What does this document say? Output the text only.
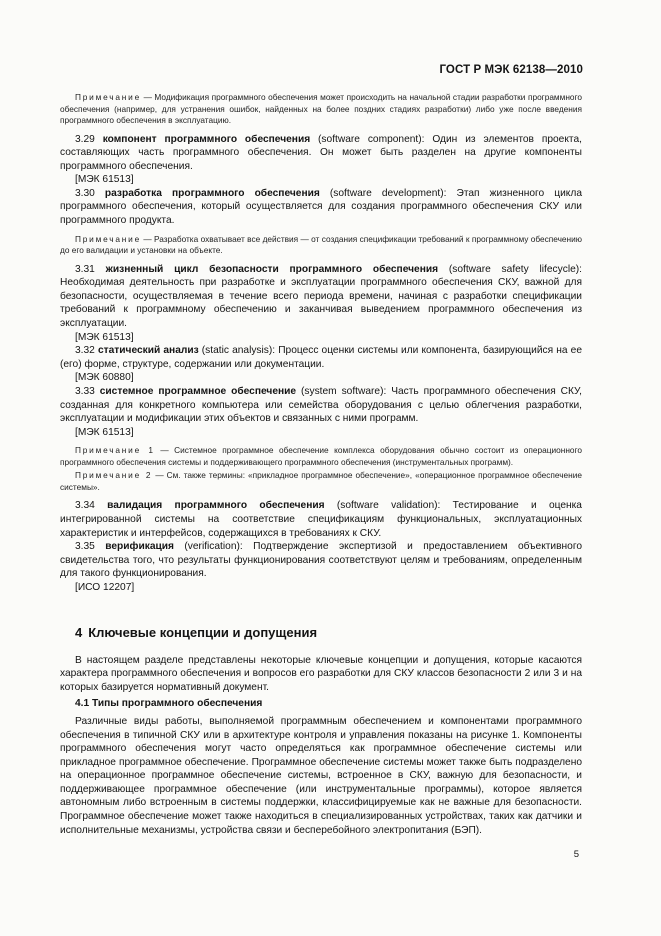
ГОСТ Р МЭК 62138—2010

Примечание — Модификация программного обеспечения может происходить на начальной стадии разработки программного обеспечения (например, для устранения ошибок, найденных на более поздних стадиях разработки) либо уже после введения программного обеспечения в эксплуатацию.

3.29 компонент программного обеспечения (software component): Один из элементов проекта, составляющих часть программного обеспечения. Он может быть разделен на другие компоненты программного обеспечения.

[МЭК 61513]

3.30 разработка программного обеспечения (software development): Этап жизненного цикла программного обеспечения, который осуществляется для создания программного обеспечения СКУ или программного продукта.

Примечание — Разработка охватывает все действия — от создания спецификации требований к программному обеспечению до его валидации и установки на объекте.

3.31 жизненный цикл безопасности программного обеспечения (software safety lifecycle): Необходимая деятельность при разработке и эксплуатации программного обеспечения СКУ, важной для безопасности, осуществляемая в течение всего периода времени, начиная с разработки спецификации требований к программному обеспечению и заканчивая выведением программного обеспечения из эксплуатации.

[МЭК 61513]

3.32 статический анализ (static analysis): Процесс оценки системы или компонента, базирующийся на ее (его) форме, структуре, содержании или документации.

[МЭК 60880]

3.33 системное программное обеспечение (system software): Часть программного обеспечения СКУ, созданная для конкретного компьютера или семейства оборудования с целью облегчения разработки, эксплуатации и модификации этих объектов и связанных с ними программ.

[МЭК 61513]

Примечание 1 — Системное программное обеспечение комплекса оборудования обычно состоит из операционного программного обеспечения системы и поддерживающего программного обеспечения (инструментальных программ).

Примечание 2 — См. также термины: «прикладное программное обеспечение», «операционное программное обеспечение системы».

3.34 валидация программного обеспечения (software validation): Тестирование и оценка интегрированной системы на соответствие спецификациям функциональных, эксплуатационных характеристик и интерфейсов, содержащихся в требованиях к СКУ.

3.35 верификация (verification): Подтверждение экспертизой и предоставлением объективного свидетельства того, что результаты функционирования соответствуют целям и требованиям, определенным для такого функционирования.

[ИСО 12207]

4 Ключевые концепции и допущения

В настоящем разделе представлены некоторые ключевые концепции и допущения, которые касаются характера программного обеспечения и вопросов его разработки для СКУ классов безопасности 2 или 3 и на которых базируется нормативный документ.

4.1 Типы программного обеспечения

Различные виды работы, выполняемой программным обеспечением и компонентами программного обеспечения в типичной СКУ или в архитектуре контроля и управления показаны на рисунке 1. Компоненты программного обеспечения могут часто определяться как программное обеспечение системы или прикладное программное обеспечение. Программное обеспечение системы может также быть подразделено на операционное программное обеспечение системы, встроенное в СКУ, важную для безопасности, и поддерживающее программное обеспечение (или инструментальные программы), которое является автономным либо встроенным в системы поддержки, классифицируемые как не важные для безопасности. Программное обеспечение может также находиться в специализированных устройствах, таких как датчики и исполнительные механизмы, устройства связи и бесперебойного электропитания (БЭП).

5
